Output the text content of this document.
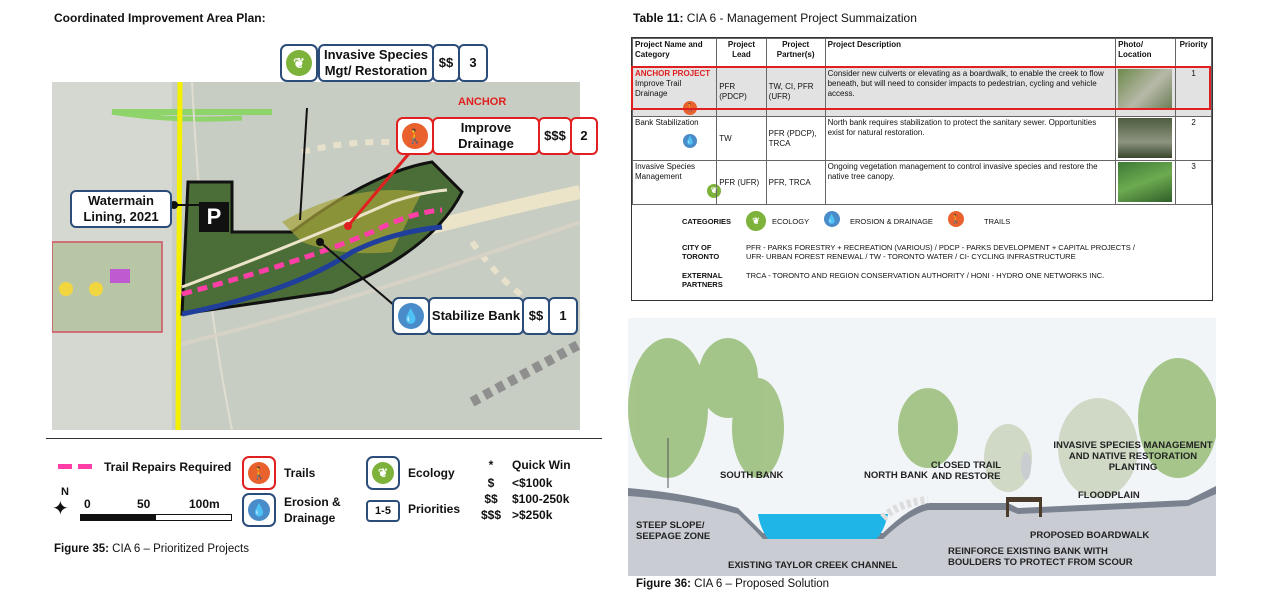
Coordinated Improvement Area Plan:
❦	Invasive Species Mgt/ Restoration
$$	3
ANCHOR
🚶	Improve Drainage
$$$	2
Watermain Lining, 2021	P
💧 Stabilize Bank $$	1
Trail Repairs Required
N
✦ 0	50	100m
🚶 Trails
💧
Erosion & Drainage
❦	Ecology
1-5	Priorities
*	Quick Win
$	<$100k
$$	$100-250k
$$$ >$250k
Figure 35: CIA 6 – Prioritized Projects
Table 11: CIA 6 - Management Project Summaization
Project Name and Category	Project Lead	Project Partner(s)	Project Description	Photo/ Location	Priority

ANCHOR PROJECT
Improve Trail Drainage
🚶	PFR (PDCP)	TW, CI, PFR (UFR)	Consider new culverts or elevating as a boardwalk, to enable the creek to flow beneath, but will need to consider impacts to pedestrian, cycling and vehicle access.		1

Bank Stabilization
💧	TW	PFR (PDCP), TRCA	North bank requires stabilization to protect the sanitary sewer. Opportunities exist for natural restoration.		2

Invasive Species Management
❦	PFR (UFR)	PFR, TRCA	Ongoing vegetation management to control invasive species and restore the native tree canopy.		3
CATEGORIES	❦	ECOLOGY 💧	EROSION & DRAINAGE 🚶	TRAILS
CITY OF TORONTO
PFR - PARKS FORESTRY + RECREATION (VARIOUS) / PDCP - PARKS DEVELOPMENT + CAPITAL PROJECTS / UFR- URBAN FOREST RENEWAL / TW - TORONTO WATER / CI- CYCLING INFRASTRUCTURE
EXTERNAL PARTNERS
TRCA - TORONTO AND REGION CONSERVATION AUTHORITY / HONI - HYDRO ONE NETWORKS INC.
INVASIVE SPECIES MANAGEMENT AND NATIVE RESTORATION PLANTING
SOUTH BANK	NORTH BANK
CLOSED TRAIL AND RESTORE
FLOODPLAIN
STEEP SLOPE/ SEEPAGE ZONE	PROPOSED BOARDWALK
REINFORCE EXISTING BANK WITH BOULDERS TO PROTECT FROM SCOUR
EXISTING TAYLOR CREEK CHANNEL
Figure 36: CIA 6 – Proposed Solution
